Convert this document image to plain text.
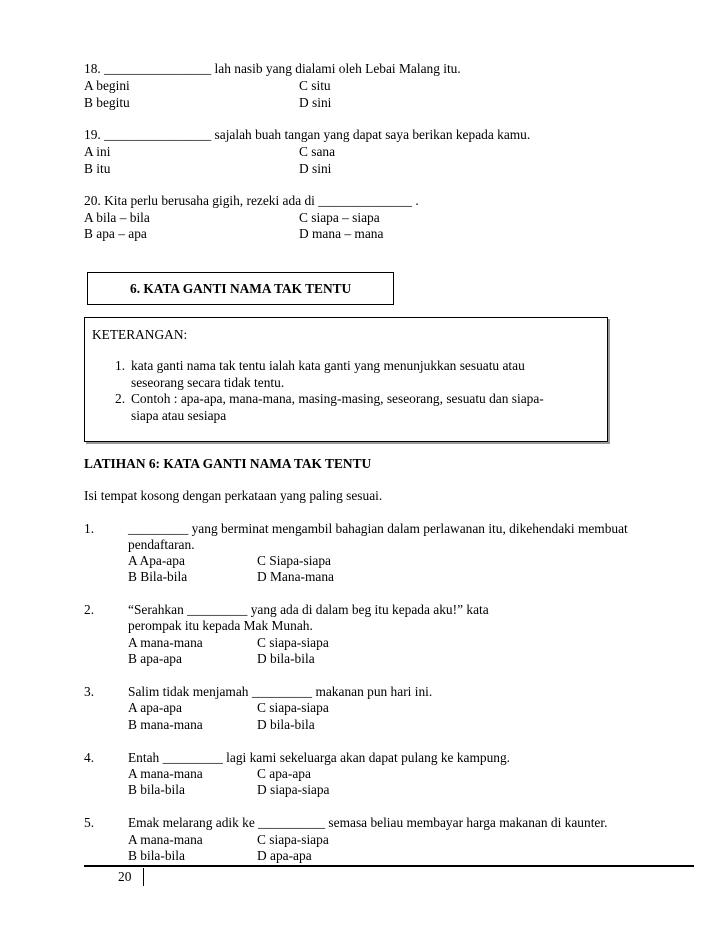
18. ________________ lah nasib yang dialami oleh Lebai Malang itu.
A begini	C situ
B begitu	D sini
19. ________________ sajalah buah tangan yang dapat saya berikan kepada kamu.
A ini	C sana
B itu	D sini
20. Kita perlu berusaha gigih, rezeki ada di ______________ .
A bila – bila	C siapa – siapa
B apa – apa	D mana – mana
6. KATA GANTI NAMA TAK TENTU
KETERANGAN:
1. kata ganti nama tak tentu ialah kata ganti yang menunjukkan sesuatu atau
seseorang secara tidak tentu.
2. Contoh : apa-apa, mana-mana, masing-masing, seseorang, sesuatu dan siapa-
siapa atau sesiapa
LATIHAN 6: KATA GANTI NAMA TAK TENTU
Isi tempat kosong dengan perkataan yang paling sesuai.
1.	_________ yang berminat mengambil bahagian dalam perlawanan itu, dikehendaki membuat
pendaftaran.
A Apa-apa	C Siapa-siapa
B Bila-bila	D Mana-mana
2.	“Serahkan _________ yang ada di dalam beg itu kepada aku!” kata
perompak itu kepada Mak Munah.
A mana-mana	C siapa-siapa
B apa-apa	D bila-bila
3.	Salim tidak menjamah _________ makanan pun hari ini.
A apa-apa	C siapa-siapa
B mana-mana	D bila-bila
4.	Entah _________ lagi kami sekeluarga akan dapat pulang ke kampung.
A mana-mana	C apa-apa
B bila-bila	D siapa-siapa
5.	Emak melarang adik ke __________ semasa beliau membayar harga makanan di kaunter.
A mana-mana	C siapa-siapa
B bila-bila	D apa-apa
20
